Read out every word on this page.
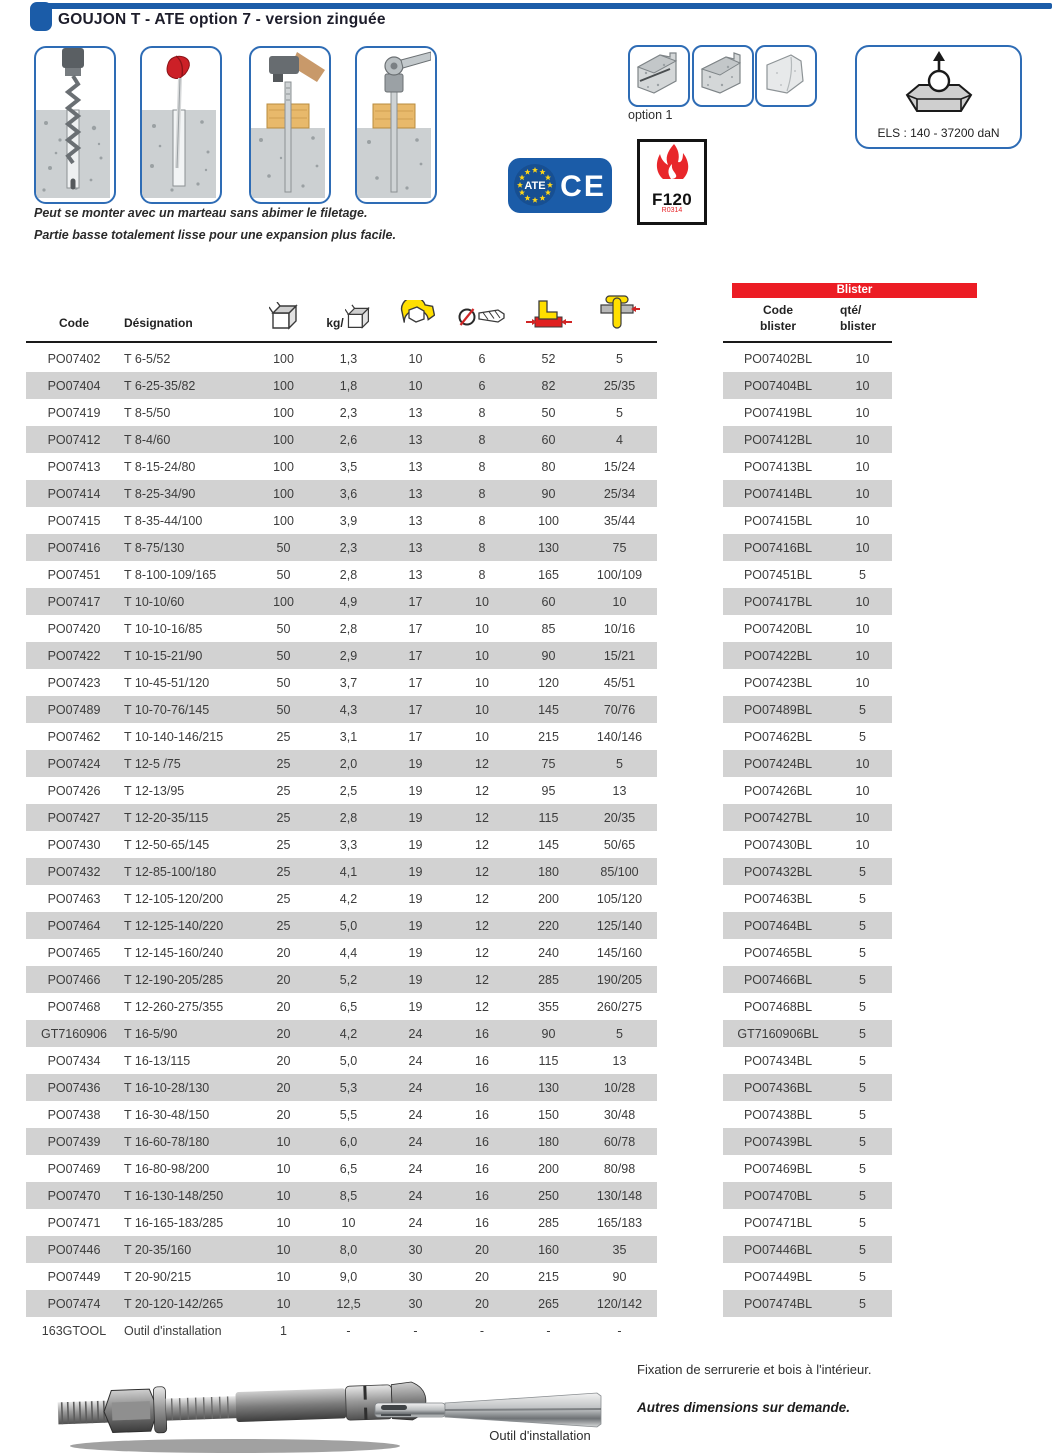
GOUJON T - ATE option 7 - version zinguée
Peut se monter avec un marteau sans abimer le filetage.
Partie basse totalement lisse pour une expansion plus facile.
option 1
ELS : 140 - 37200 daN
ATE CE	F120
R0314
Code	Désignation	kg/
PO07402	T 6-5/52	100	1,3	10	6	52	5
PO07404	T 6-25-35/82	100	1,8	10	6	82	25/35
PO07419	T 8-5/50	100	2,3	13	8	50	5
PO07412	T 8-4/60	100	2,6	13	8	60	4
PO07413	T 8-15-24/80	100	3,5	13	8	80	15/24
PO07414	T 8-25-34/90	100	3,6	13	8	90	25/34
PO07415	T 8-35-44/100	100	3,9	13	8	100	35/44
PO07416	T 8-75/130	50	2,3	13	8	130	75
PO07451	T 8-100-109/165	50	2,8	13	8	165	100/109
PO07417	T 10-10/60	100	4,9	17	10	60	10
PO07420	T 10-10-16/85	50	2,8	17	10	85	10/16
PO07422	T 10-15-21/90	50	2,9	17	10	90	15/21
PO07423	T 10-45-51/120	50	3,7	17	10	120	45/51
PO07489	T 10-70-76/145	50	4,3	17	10	145	70/76
PO07462	T 10-140-146/215	25	3,1	17	10	215	140/146
PO07424	T 12-5 /75	25	2,0	19	12	75	5
PO07426	T 12-13/95	25	2,5	19	12	95	13
PO07427	T 12-20-35/115	25	2,8	19	12	115	20/35
PO07430	T 12-50-65/145	25	3,3	19	12	145	50/65
PO07432	T 12-85-100/180	25	4,1	19	12	180	85/100
PO07463	T 12-105-120/200	25	4,2	19	12	200	105/120
PO07464	T 12-125-140/220	25	5,0	19	12	220	125/140
PO07465	T 12-145-160/240	20	4,4	19	12	240	145/160
PO07466	T 12-190-205/285	20	5,2	19	12	285	190/205
PO07468	T 12-260-275/355	20	6,5	19	12	355	260/275
GT7160906	T 16-5/90	20	4,2	24	16	90	5
PO07434	T 16-13/115	20	5,0	24	16	115	13
PO07436	T 16-10-28/130	20	5,3	24	16	130	10/28
PO07438	T 16-30-48/150	20	5,5	24	16	150	30/48
PO07439	T 16-60-78/180	10	6,0	24	16	180	60/78
PO07469	T 16-80-98/200	10	6,5	24	16	200	80/98
PO07470	T 16-130-148/250	10	8,5	24	16	250	130/148
PO07471	T 16-165-183/285	10	10	24	16	285	165/183
PO07446	T 20-35/160	10	8,0	30	20	160	35
PO07449	T 20-90/215	10	9,0	30	20	215	90
PO07474	T 20-120-142/265	10	12,5	30	20	265	120/142
163GTOOL	Outil d'installation	1	-	-	-	-	-
Blister
Code
blister
qté/
blister
PO07402BL	10
PO07404BL	10
PO07419BL	10
PO07412BL	10
PO07413BL	10
PO07414BL	10
PO07415BL	10
PO07416BL	10
PO07451BL	5
PO07417BL	10
PO07420BL	10
PO07422BL	10
PO07423BL	10
PO07489BL	5
PO07462BL	5
PO07424BL	10
PO07426BL	10
PO07427BL	10
PO07430BL	10
PO07432BL	5
PO07463BL	5
PO07464BL	5
PO07465BL	5
PO07466BL	5
PO07468BL	5
GT7160906BL	5
PO07434BL	5
PO07436BL	5
PO07438BL	5
PO07439BL	5
PO07469BL	5
PO07470BL	5
PO07471BL	5
PO07446BL	5
PO07449BL	5
PO07474BL	5
Outil d'installation
Fixation de serrurerie et bois à l'intérieur.
Autres dimensions sur demande.
